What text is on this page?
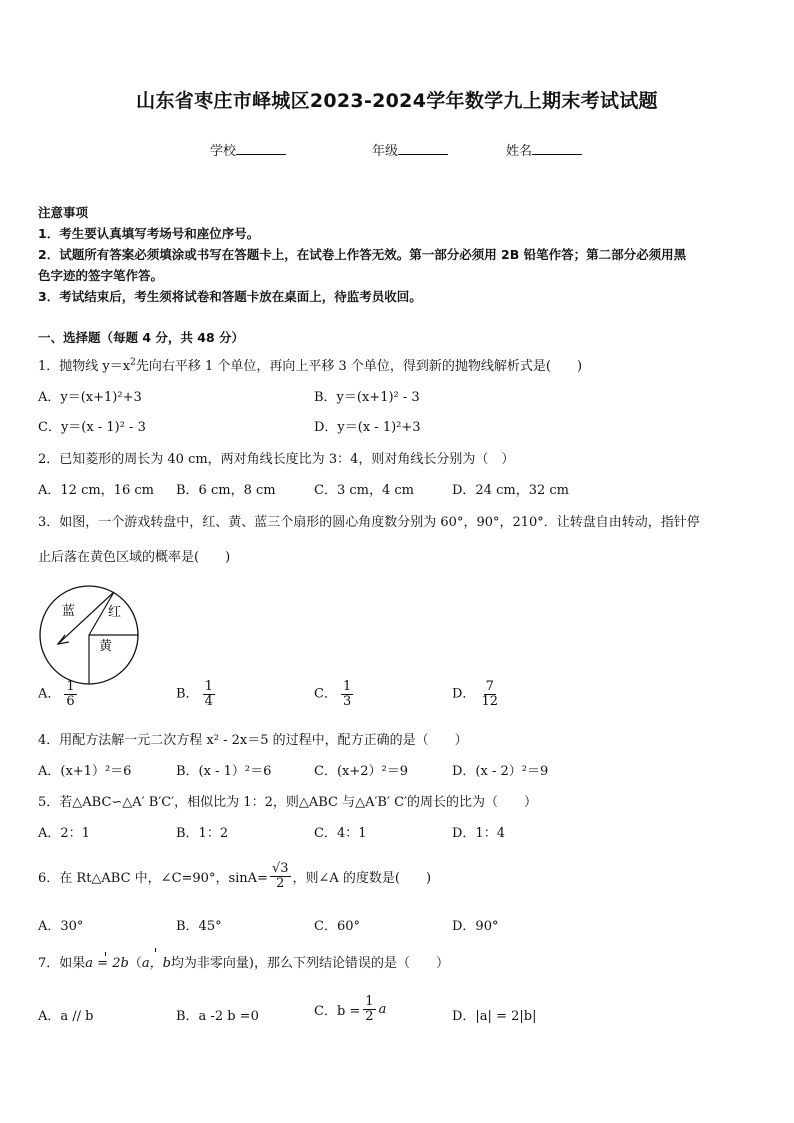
山东省枣庄市峄城区2023-2024学年数学九上期末考试试题
学校	年级	姓名
注意事项
1．考生要认真填写考场号和座位序号。
2．试题所有答案必须填涂或书写在答题卡上，在试卷上作答无效。第一部分必须用 2B 铅笔作答；第二部分必须用黑
色字迹的签字笔作答。
3．考试结束后，考生须将试卷和答题卡放在桌面上，待监考员收回。
一、选择题（每题 4 分，共 48 分）
1．抛物线 $y=x^2$先向右平移 1 个单位，再向上平移 3 个单位，得到新的抛物线解析式是(　　)
A．y＝(x+1)²+3	B．y＝(x+1)² - 3
C．y＝(x - 1)² - 3	D．y＝(x - 1)²+3
2．已知菱形的周长为 40 cm，两对角线长度比为 3：4，则对角线长分别为（　）
A．12 cm，16 cm B．6 cm，8 cm	C．3 cm，4 cm	D．24 cm，32 cm
3．如图，一个游戏转盘中，红、黄、蓝三个扇形的圆心角度数分别为 60°，90°，210°．让转盘自由转动，指针停
止后落在黄色区域的概率是(　　)
蓝	红
黄
A． $\frac{1}{6}$	B． $\frac{1}{4}$	C． $\frac{1}{3}$	D． $\frac{7}{12}$
4．用配方法解一元二次方程 x² - 2x＝5 的过程中，配方正确的是（　　）
A．(x+1）²＝6	B．(x - 1）²＝6	C．(x+2）²＝9	D．(x - 2）²＝9
5．若△ABC∽△A′ B′C′，相似比为 1：2，则△ABC 与△A′B′ C′的周长的比为（　　）
A．2：1	B．1：2	C．4：1	D．1：4
6．在 Rt△ABC 中，∠C=90°，$\sin A= \frac{√3}{2}$ ，则∠A 的度数是(　　)
A．30°	B．45°	C．60°	D．90°
7．如果a = 2b（a，b均为非零向量)，那么下列结论错误的是（　　）
A．a // b	B．a -2 b =0	C．$b = \frac{1}{2}$ a	D．|a| = 2|b|
